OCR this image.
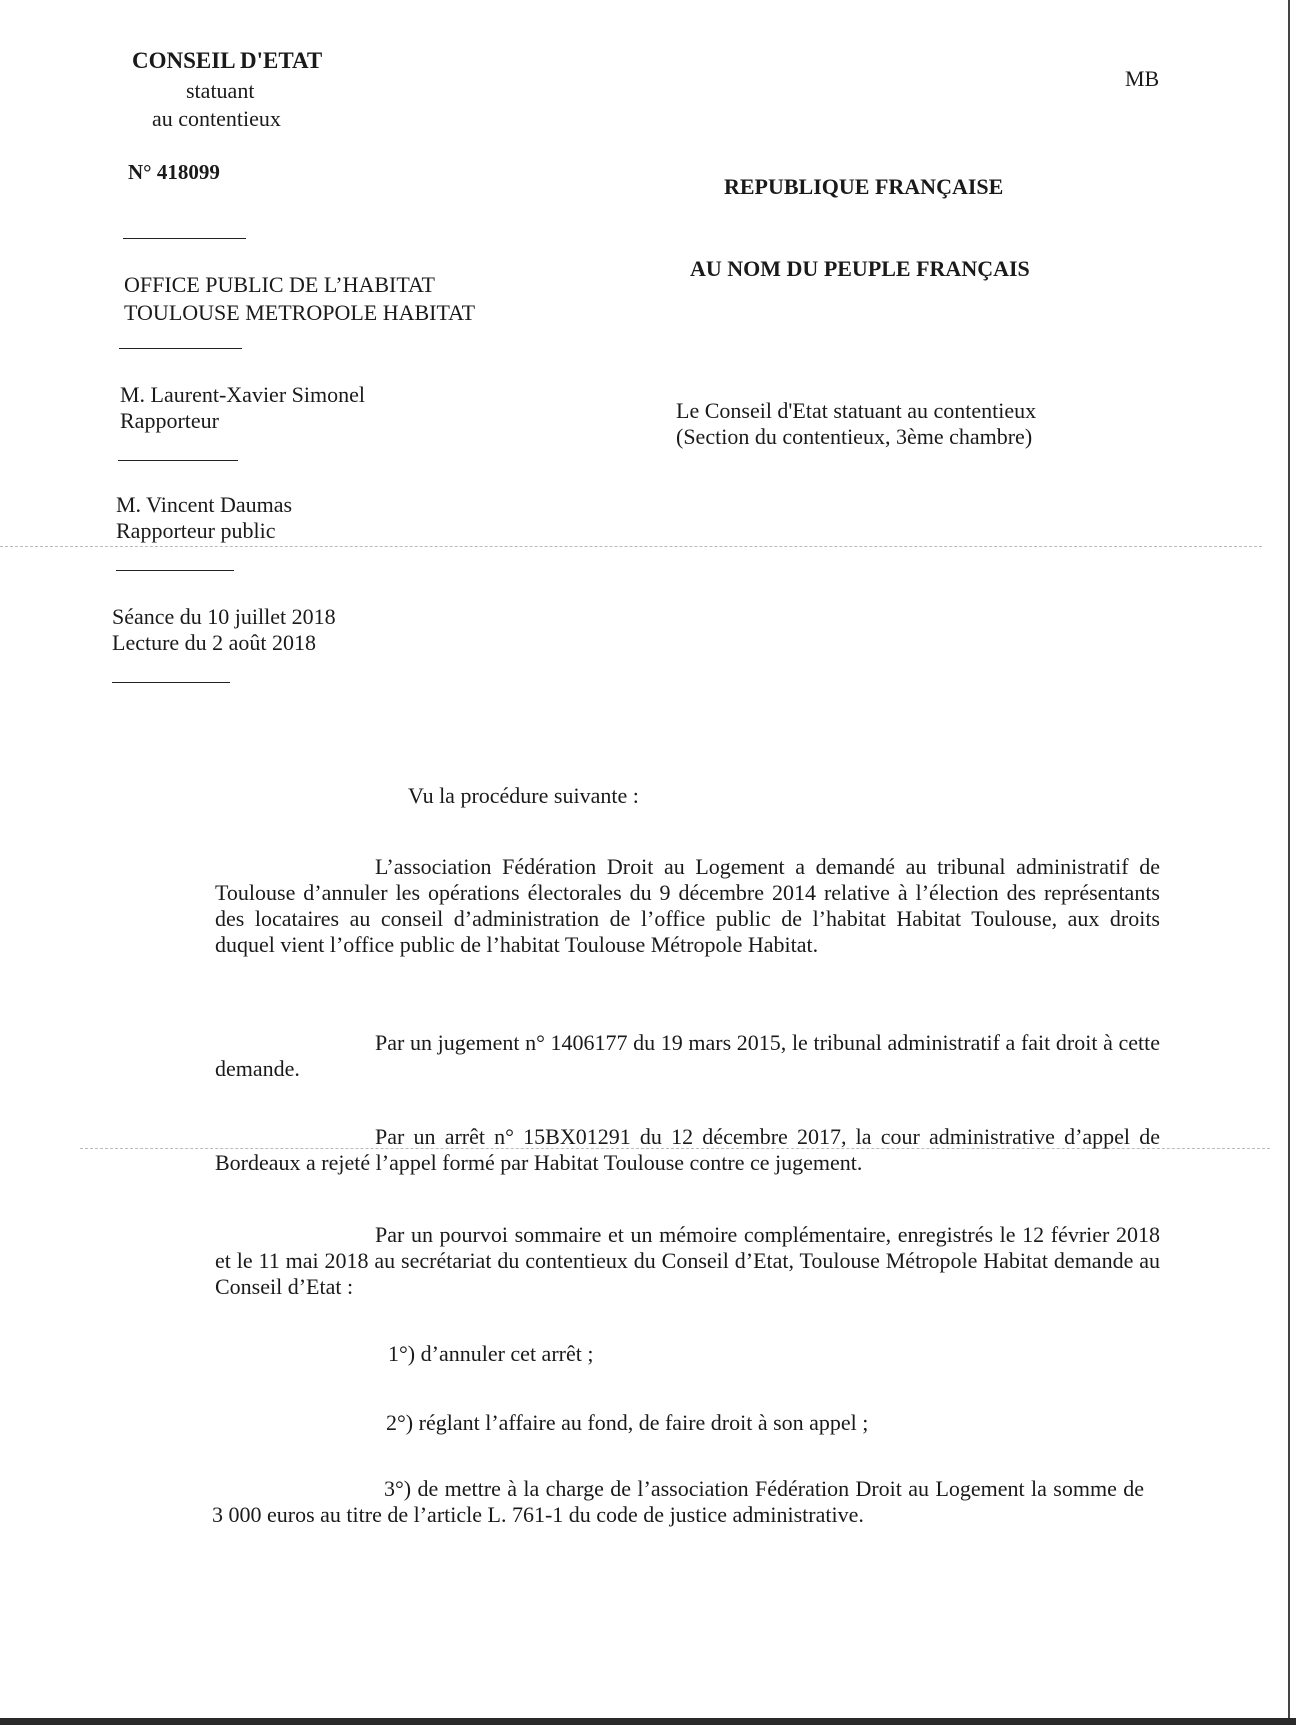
CONSEIL D'ETAT
statuant
au contentieux
N° 418099
MB
REPUBLIQUE FRANÇAISE
AU NOM DU PEUPLE FRANÇAIS
OFFICE PUBLIC DE L’HABITAT
TOULOUSE METROPOLE HABITAT
M. Laurent-Xavier Simonel
Rapporteur
M. Vincent Daumas
Rapporteur public
Séance du 10 juillet 2018
Lecture du 2 août 2018
Le Conseil d'Etat statuant au contentieux
(Section du contentieux, 3ème chambre)
Vu la procédure suivante :
L’association Fédération Droit au Logement a demandé au tribunal administratif de Toulouse d’annuler les opérations électorales du 9 décembre 2014 relative à l’élection des représentants des locataires au conseil d’administration de l’office public de l’habitat Habitat Toulouse, aux droits duquel vient l’office public de l’habitat Toulouse Métropole Habitat.
Par un jugement n° 1406177 du 19 mars 2015, le tribunal administratif a fait droit à cette demande.
Par un arrêt n° 15BX01291 du 12 décembre 2017, la cour administrative d’appel de Bordeaux a rejeté l’appel formé par Habitat Toulouse contre ce jugement.
Par un pourvoi sommaire et un mémoire complémentaire, enregistrés le 12 février 2018 et le 11 mai 2018 au secrétariat du contentieux du Conseil d’Etat, Toulouse Métropole Habitat demande au Conseil d’Etat :
1°) d’annuler cet arrêt ;
2°) réglant l’affaire au fond, de faire droit à son appel ;
3°) de mettre à la charge de l’association Fédération Droit au Logement la somme de 3 000 euros au titre de l’article L. 761-1 du code de justice administrative.
